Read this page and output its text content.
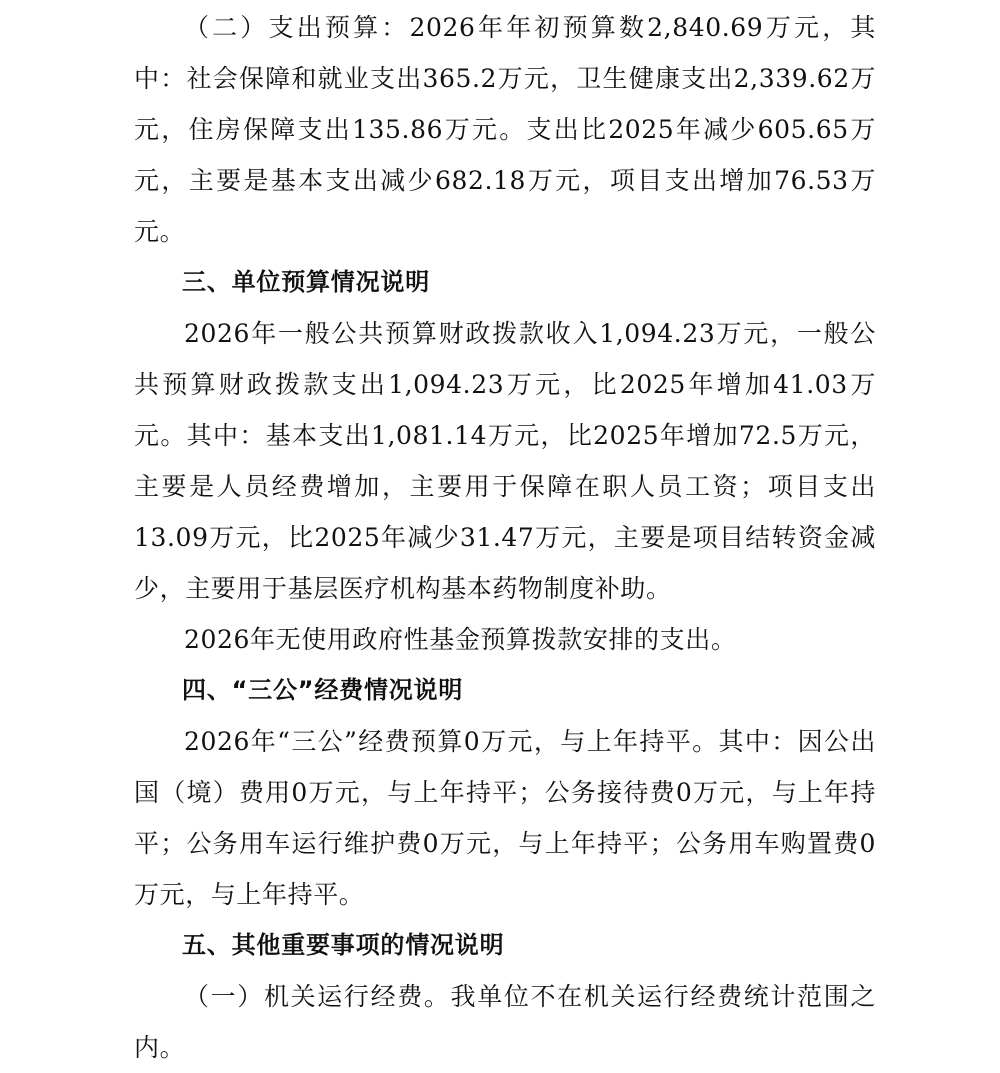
（二）支出预算：2026年年初预算数2,840.69万元，其中：社会保障和就业支出365.2万元，卫生健康支出2,339.62万元，住房保障支出135.86万元。支出比2025年减少605.65万元，主要是基本支出减少682.18万元，项目支出增加76.53万元。

三、单位预算情况说明

2026年一般公共预算财政拨款收入1,094.23万元，一般公共预算财政拨款支出1,094.23万元，比2025年增加41.03万元。其中：基本支出1,081.14万元，比2025年增加72.5万元，主要是人员经费增加，主要用于保障在职人员工资；项目支出13.09万元，比2025年减少31.47万元，主要是项目结转资金减少，主要用于基层医疗机构基本药物制度补助。

2026年无使用政府性基金预算拨款安排的支出。

四、“三公”经费情况说明

2026年“三公”经费预算0万元，与上年持平。其中：因公出国（境）费用0万元，与上年持平；公务接待费0万元，与上年持平；公务用车运行维护费0万元，与上年持平；公务用车购置费0万元，与上年持平。

五、其他重要事项的情况说明

（一）机关运行经费。我单位不在机关运行经费统计范围之内。
